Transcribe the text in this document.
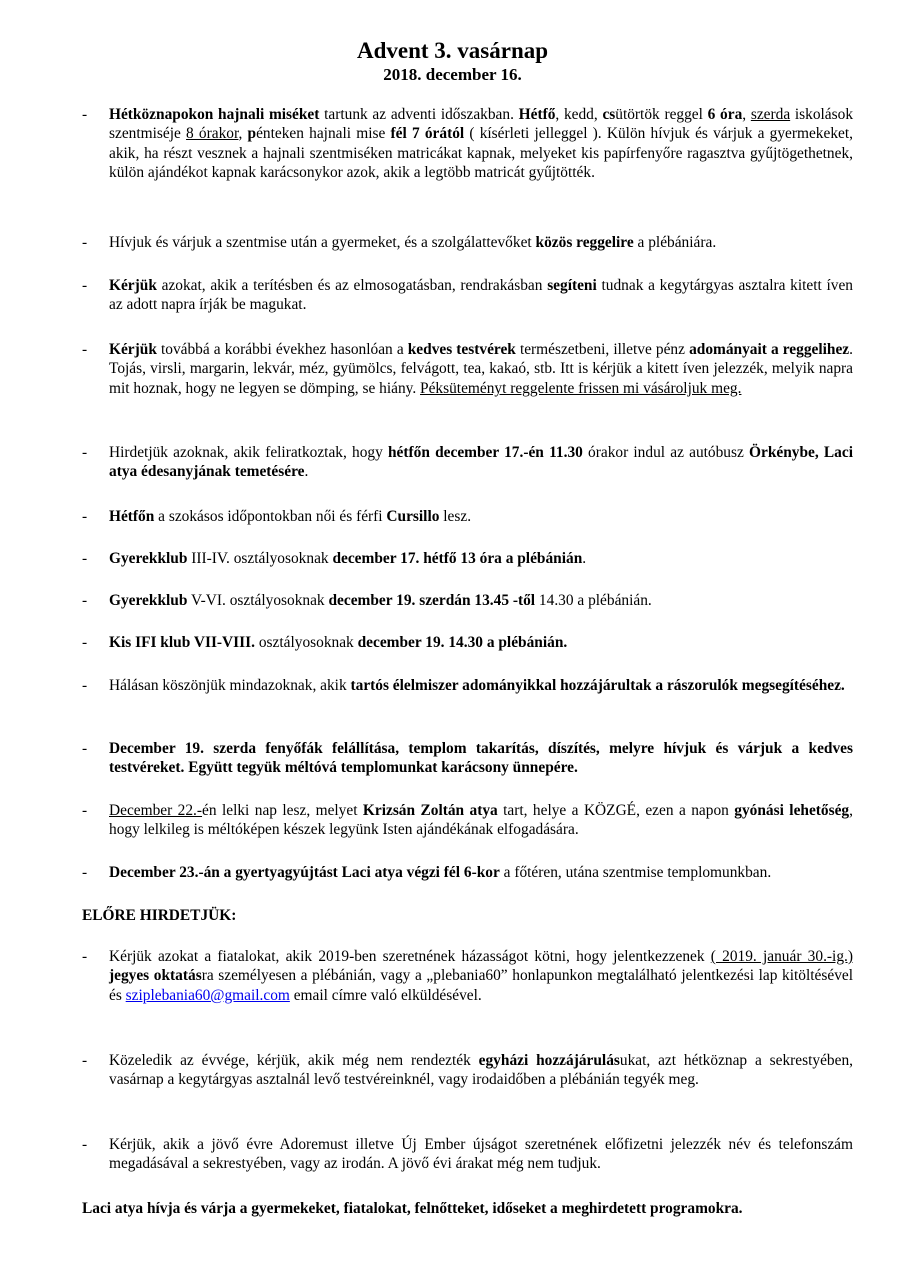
Advent 3. vasárnap
2018. december 16.
-	Hétköznapokon hajnali miséket tartunk az adventi időszakban. Hétfő, kedd, csütörtök reggel 6 óra, szerda iskolások szentmiséje 8 órakor, pénteken hajnali mise fél 7 órától ( kísérleti jelleggel ). Külön hívjuk és várjuk a gyermekeket, akik, ha részt vesznek a hajnali szentmiséken matricákat kapnak, melyeket kis papírfenyőre ragasztva gyűjtögethetnek, külön ajándékot kapnak karácsonykor azok, akik a legtöbb matricát gyűjtötték.
-	Hívjuk és várjuk a szentmise után a gyermeket, és a szolgálattevőket közös reggelire a plébániára.
-	Kérjük azokat, akik a terítésben és az elmosogatásban, rendrakásban segíteni tudnak a kegytárgyas asztalra kitett íven az adott napra írják be magukat.
-	Kérjük továbbá a korábbi évekhez hasonlóan a kedves testvérek természetbeni, illetve pénz adományait a reggelihez. Tojás, virsli, margarin, lekvár, méz, gyümölcs, felvágott, tea, kakaó, stb. Itt is kérjük a kitett íven jelezzék, melyik napra mit hoznak, hogy ne legyen se dömping, se hiány. Péksüteményt reggelente frissen mi vásároljuk meg.
-	Hirdetjük azoknak, akik feliratkoztak, hogy hétfőn december 17.-én 11.30 órakor indul az autóbusz Örkénybe, Laci atya édesanyjának temetésére.
-	Hétfőn a szokásos időpontokban női és férfi Cursillo lesz.
-	Gyerekklub III-IV. osztályosoknak december 17. hétfő 13 óra a plébánián.
-	Gyerekklub V-VI. osztályosoknak december 19. szerdán 13.45 -től 14.30 a plébánián.
-	Kis IFI klub VII-VIII. osztályosoknak december 19. 14.30 a plébánián.
-	Hálásan köszönjük mindazoknak, akik tartós élelmiszer adományikkal hozzájárultak a rászorulók megsegítéséhez.
-	December 19. szerda fenyőfák felállítása, templom takarítás, díszítés, melyre hívjuk és várjuk a kedves testvéreket. Együtt tegyük méltóvá templomunkat karácsony ünnepére.
-	December 22.-én lelki nap lesz, melyet Krizsán Zoltán atya tart, helye a KÖZGÉ, ezen a napon gyónási lehetőség, hogy lelkileg is méltóképen készek legyünk Isten ajándékának elfogadására.
-	December 23.-án a gyertyagyújtást Laci atya végzi fél 6-kor a főtéren, utána szentmise templomunkban.
ELŐRE HIRDETJÜK:
-	Kérjük azokat a fiatalokat, akik 2019-ben szeretnének házasságot kötni, hogy jelentkezzenek ( 2019. január 30.-ig.) jegyes oktatásra személyesen a plébánián, vagy a „plebania60” honlapunkon megtalálható jelentkezési lap kitöltésével és sziplebania60@gmail.com email címre való elküldésével.
-	Közeledik az évvége, kérjük, akik még nem rendezték egyházi hozzájárulásukat, azt hétköznap a sekrestyében, vasárnap a kegytárgyas asztalnál levő testvéreinknél, vagy irodaidőben a plébánián tegyék meg.
-	Kérjük, akik a jövő évre Adoremust illetve Új Ember újságot szeretnének előfizetni jelezzék név és telefonszám megadásával a sekrestyében, vagy az irodán. A jövő évi árakat még nem tudjuk.
Laci atya hívja és várja a gyermekeket, fiatalokat, felnőtteket, időseket a meghirdetett programokra.
